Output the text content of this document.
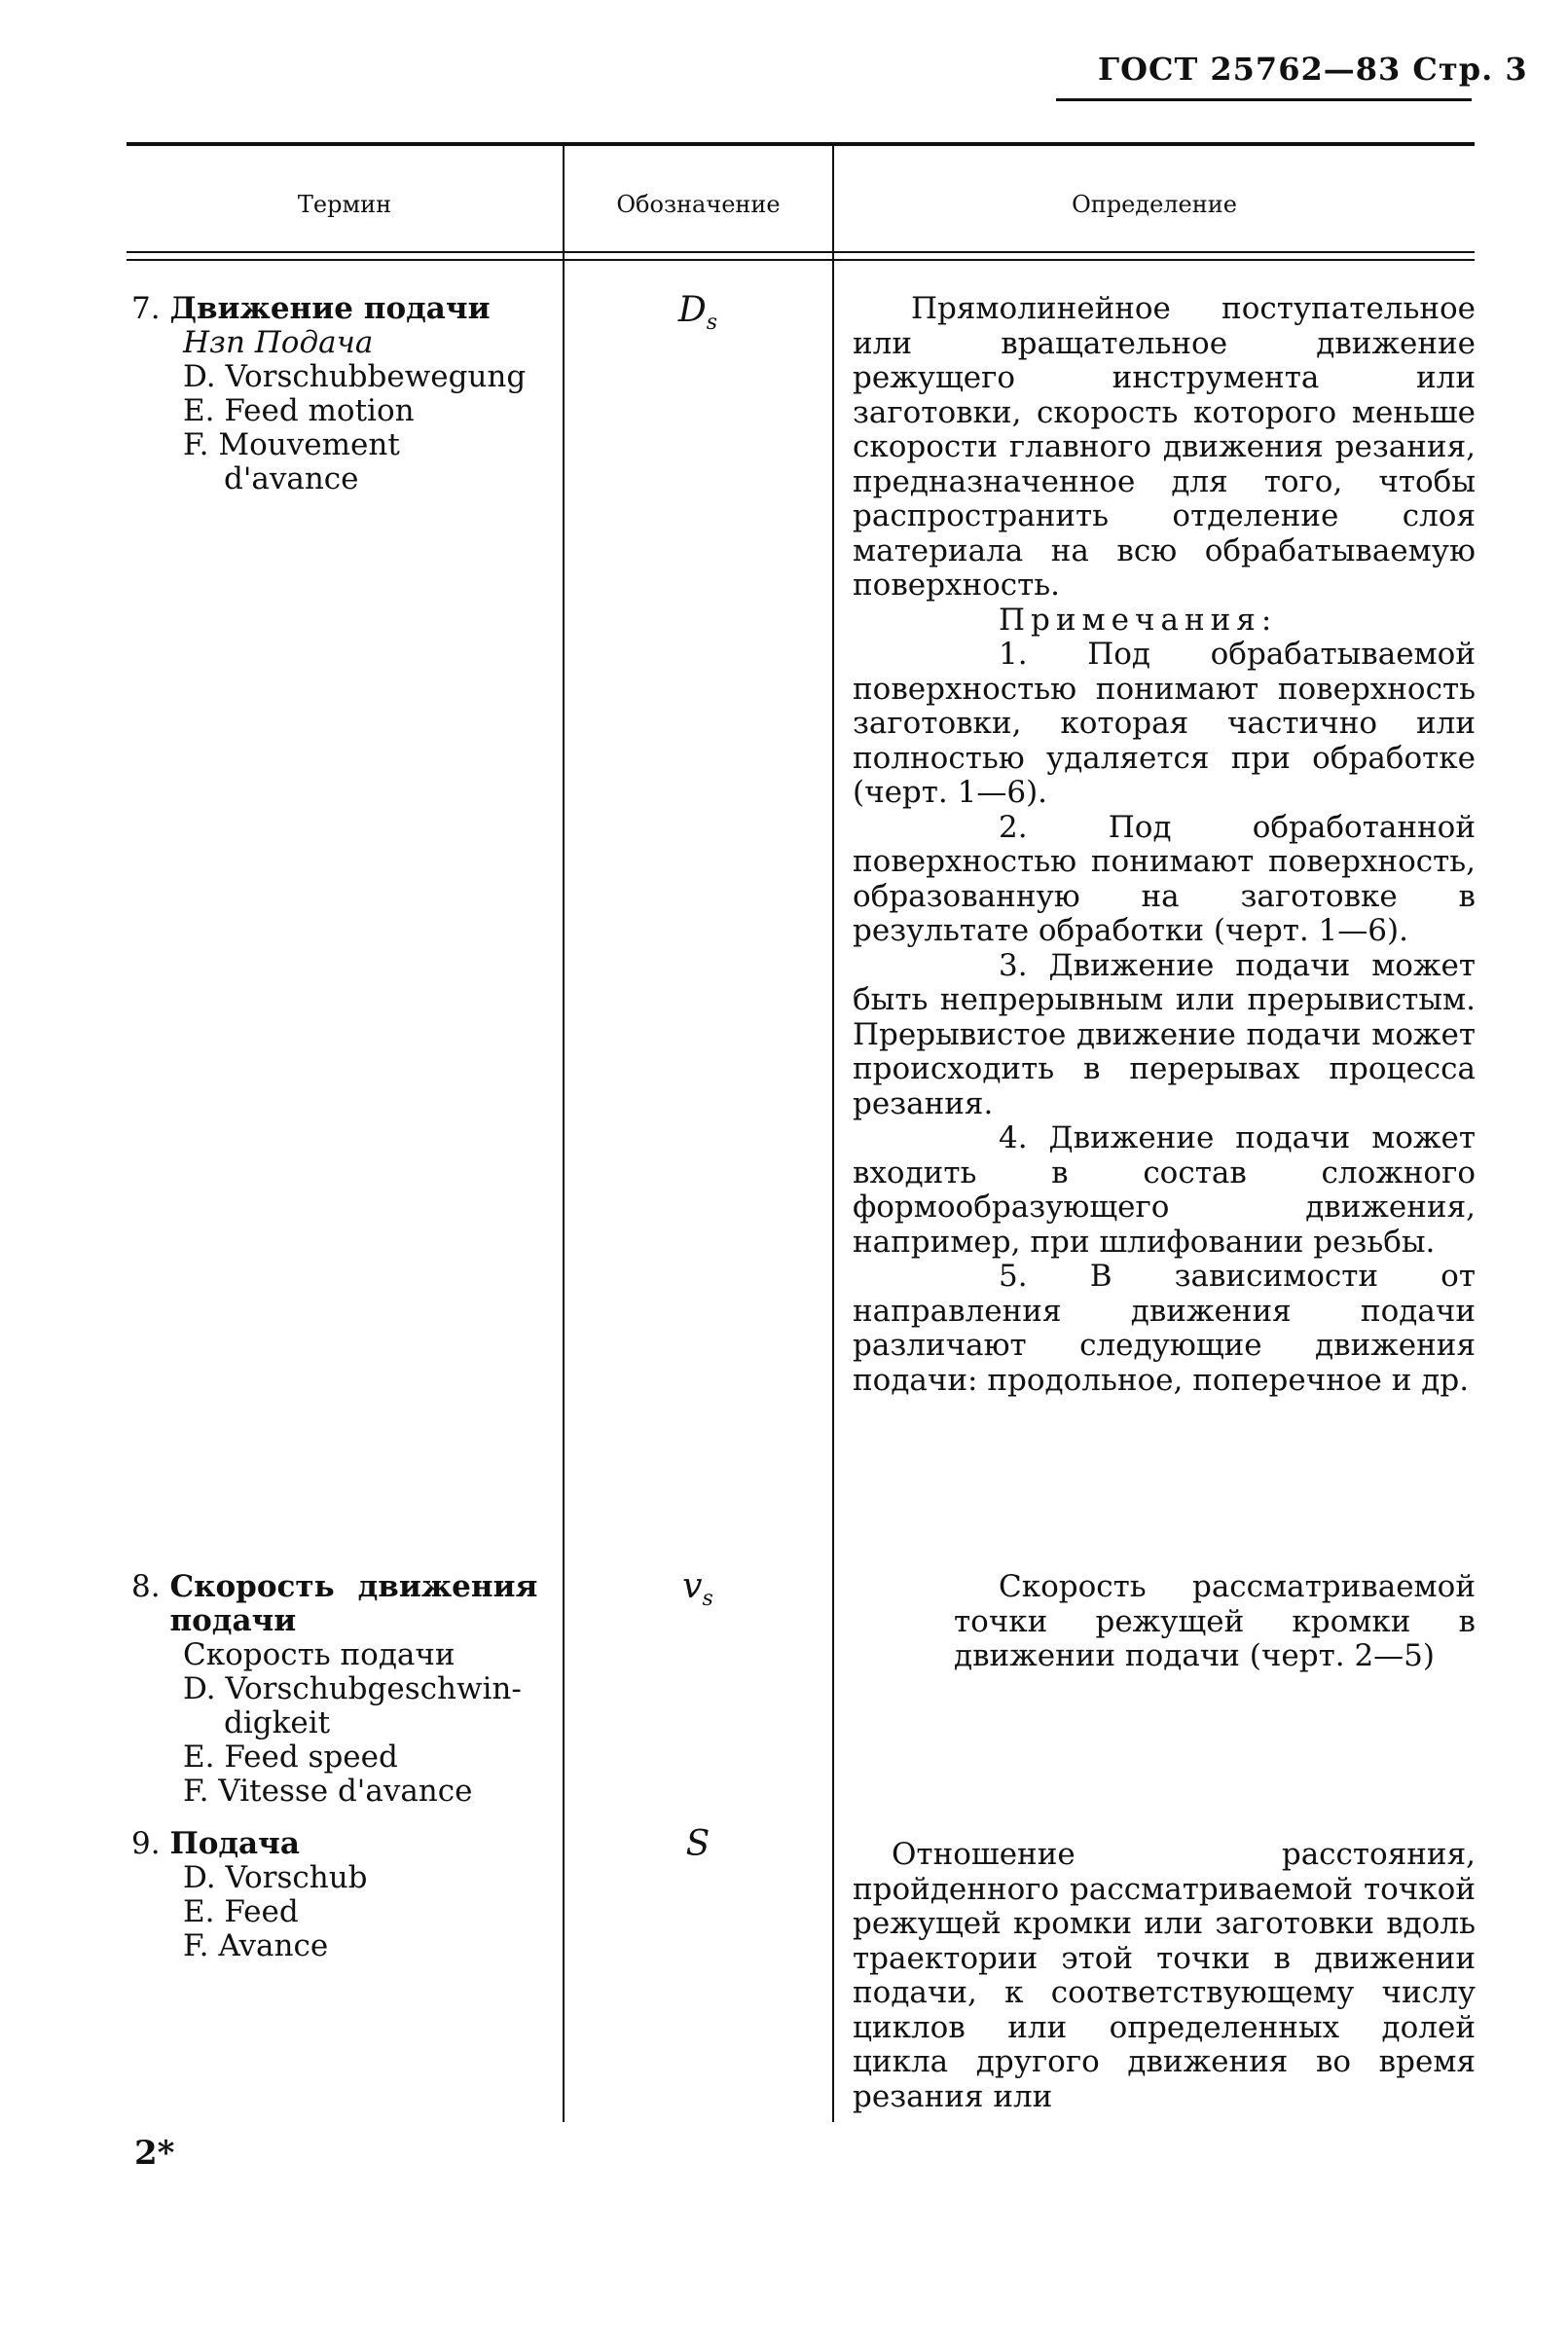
ГОСТ 25762—83 Стр. 3
Термин	Обозначение	Определение
7. Движение подачи
Нзп Подача
D. Vorschubbewegung
E. Feed motion
F. Mouvement
d'avance
$D_s$	Прямолинейное поступательное или вращательное движение режущего инструмента или заготовки, скорость которого меньше скорости главного движения резания, предназначенное для того, чтобы распространить отделение слоя материала на всю обрабатываемую поверхность.

Примечания:

1. Под обрабатываемой поверхностью понимают поверхность заготовки, которая частично или полностью удаляется при обработке (черт. 1—6).

2. Под обработанной поверхностью понимают поверхность, образованную на заготовке в результате обработки (черт. 1—6).

3. Движение подачи может быть непрерывным или прерывистым. Прерывистое движение подачи может происходить в перерывах процесса резания.

4. Движение подачи может входить в состав сложного формообразующего движения, например, при шлифовании резьбы.

5. В зависимости от направления движения подачи различают следующие движения подачи: продольное, поперечное и др.

8. Скорость движения подачи
Скорость подачи
D. Vorschubgeschwin-
digkeit
E. Feed speed
F. Vitesse d'avance
$v_s$	Скорость рассматриваемой точки режущей кромки в движении подачи (черт. 2—5)

9. Подача
D. Vorschub
E. Feed
F. Avance
S	Отношение расстояния, пройденного рассматриваемой точкой режущей кромки или заготовки вдоль траектории этой точки в движении подачи, к соответствующему числу циклов или определенных долей цикла другого движения во время резания или

2*
